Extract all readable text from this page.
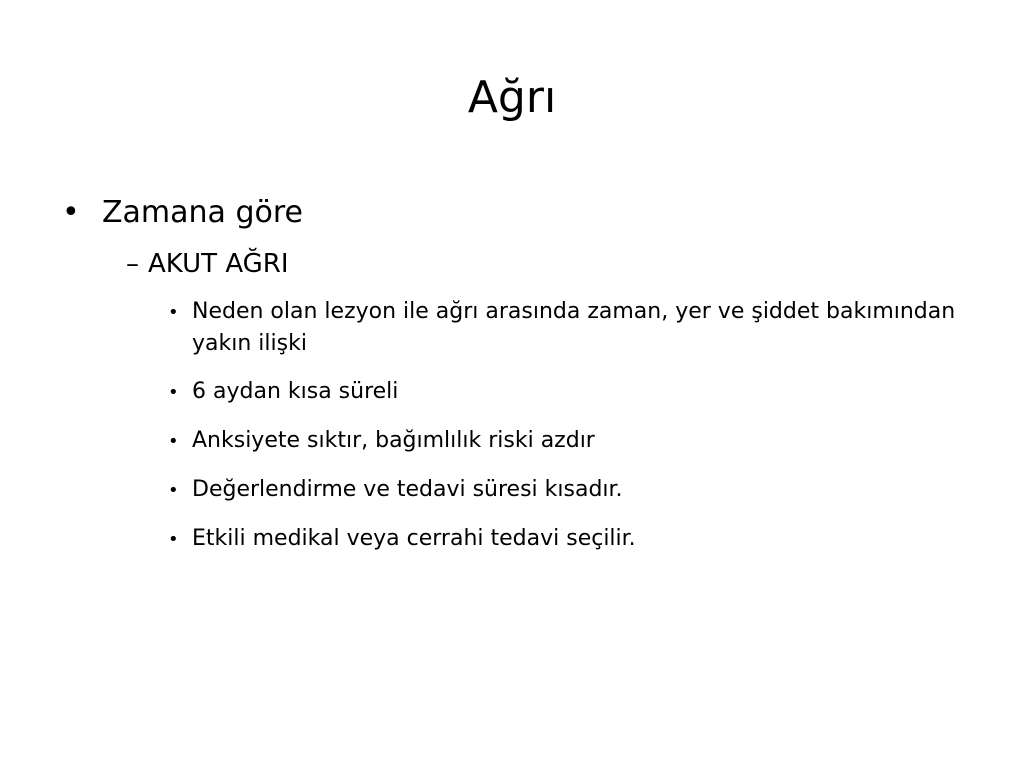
Ağrı
• Zamana göre
– AKUT AĞRI
• Neden olan lezyon ile ağrı arasında zaman, yer ve şiddet bakımından yakın ilişki
• 6 aydan kısa süreli
• Anksiyete sıktır, bağımlılık riski azdır
• Değerlendirme ve tedavi süresi kısadır.
• Etkili medikal veya cerrahi tedavi seçilir.
